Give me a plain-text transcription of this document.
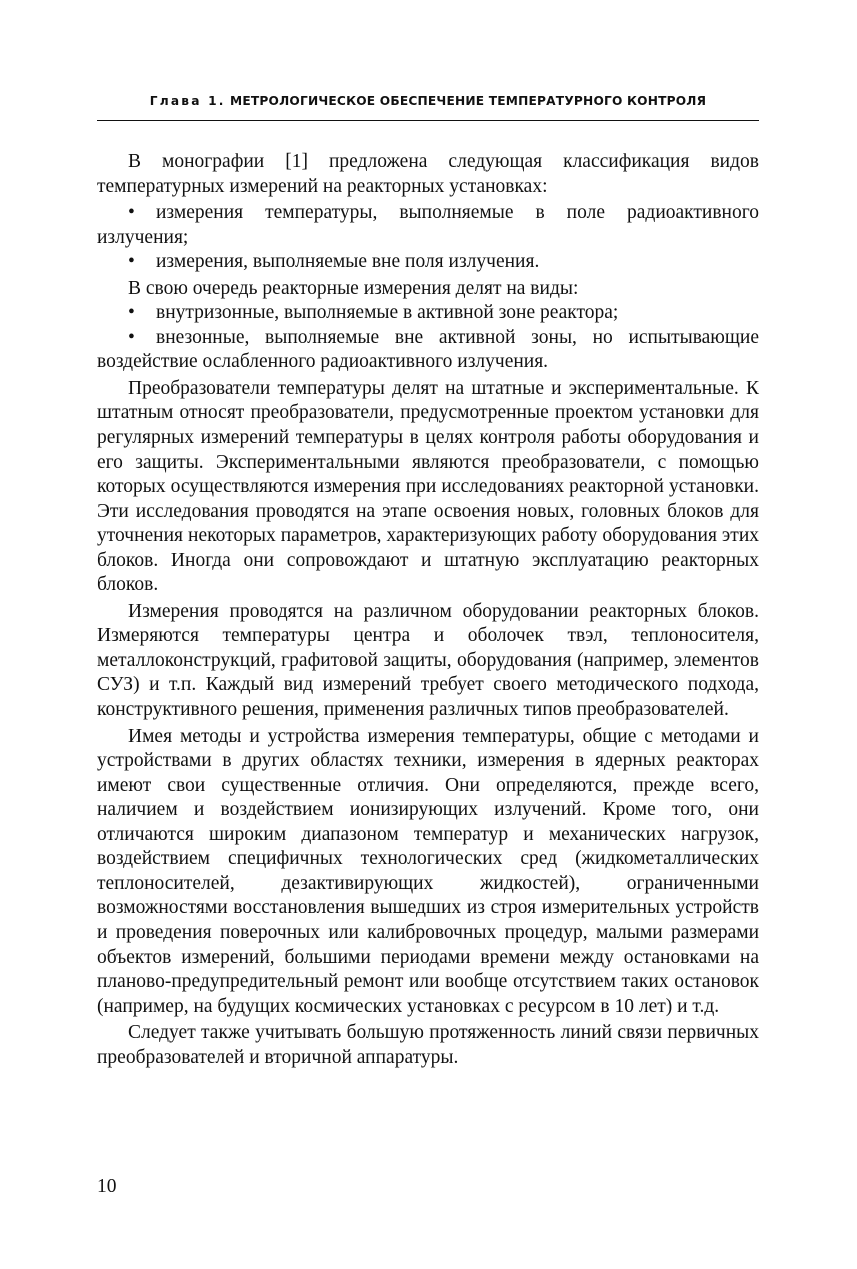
Глава 1. МЕТРОЛОГИЧЕСКОЕ ОБЕСПЕЧЕНИЕ ТЕМПЕРАТУРНОГО КОНТРОЛЯ

В монографии [1] предложена следующая классификация видов температурных измерений на реакторных установках:

• измерения температуры, выполняемые в поле радиоактивного излучения;

• измерения, выполняемые вне поля излучения.

В свою очередь реакторные измерения делят на виды:

• внутризонные, выполняемые в активной зоне реактора;

• внезонные, выполняемые вне активной зоны, но испытывающие воздействие ослабленного радиоактивного излучения.

Преобразователи температуры делят на штатные и экспериментальные. К штатным относят преобразователи, предусмотренные проектом установки для регулярных измерений температуры в целях контроля работы оборудования и его защиты. Экспериментальными являются преобразователи, с помощью которых осуществляются измерения при исследованиях реакторной установки. Эти исследования проводятся на этапе освоения новых, головных блоков для уточнения некоторых параметров, характеризующих работу оборудования этих блоков. Иногда они сопровождают и штатную эксплуатацию реакторных блоков.

Измерения проводятся на различном оборудовании реакторных блоков. Измеряются температуры центра и оболочек твэл, теплоносителя, металлоконструкций, графитовой защиты, оборудования (например, элементов СУЗ) и т.п. Каждый вид измерений требует своего методического подхода, конструктивного решения, применения различных типов преобразователей.

Имея методы и устройства измерения температуры, общие с методами и устройствами в других областях техники, измерения в ядерных реакторах имеют свои существенные отличия. Они определяются, прежде всего, наличием и воздействием ионизирующих излучений. Кроме того, они отличаются широким диапазоном температур и механических нагрузок, воздействием специфичных технологических сред (жидкометаллических теплоносителей, дезактивирующих жидкостей), ограниченными возможностями восстановления вышедших из строя измерительных устройств и проведения поверочных или калибровочных процедур, малыми размерами объектов измерений, большими периодами времени между остановками на планово-предупредительный ремонт или вообще отсутствием таких остановок (например, на будущих космических установках с ресурсом в 10 лет) и т.д.

Следует также учитывать большую протяженность линий связи первичных преобразователей и вторичной аппаратуры.

10
